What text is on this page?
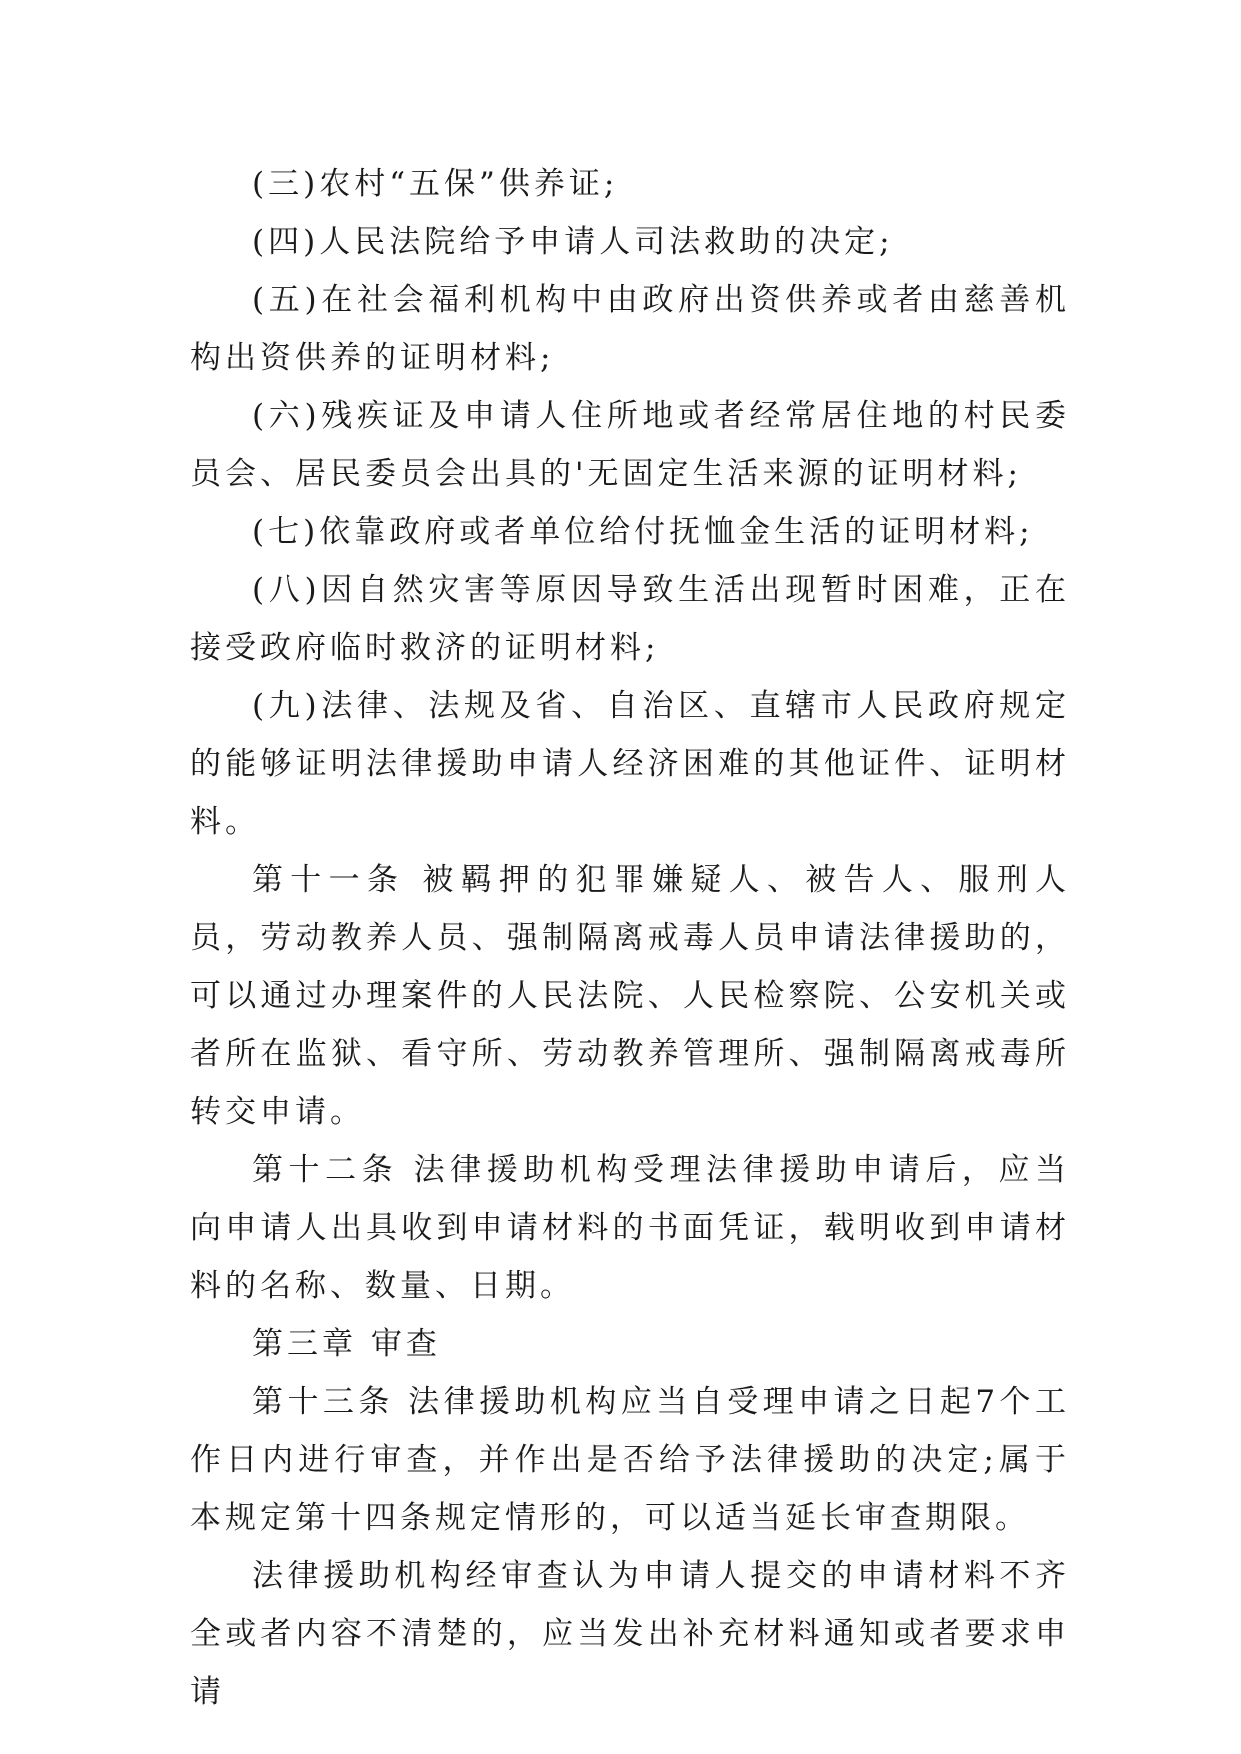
(三)农村“五保”供养证;

(四)人民法院给予申请人司法救助的决定;

(五)在社会福利机构中由政府出资供养或者由慈善机构出资供养的证明材料;

(六)残疾证及申请人住所地或者经常居住地的村民委员会、居民委员会出具的'无固定生活来源的证明材料;

(七)依靠政府或者单位给付抚恤金生活的证明材料;

(八)因自然灾害等原因导致生活出现暂时困难，正在接受政府临时救济的证明材料;

(九)法律、法规及省、自治区、直辖市人民政府规定的能够证明法律援助申请人经济困难的其他证件、证明材料。

第十一条 被羁押的犯罪嫌疑人、被告人、服刑人员，劳动教养人员、强制隔离戒毒人员申请法律援助的，可以通过办理案件的人民法院、人民检察院、公安机关或者所在监狱、看守所、劳动教养管理所、强制隔离戒毒所转交申请。

第十二条 法律援助机构受理法律援助申请后，应当向申请人出具收到申请材料的书面凭证，载明收到申请材料的名称、数量、日期。

第三章 审查

第十三条 法律援助机构应当自受理申请之日起7个工作日内进行审查，并作出是否给予法律援助的决定;属于本规定第十四条规定情形的，可以适当延长审查期限。

法律援助机构经审查认为申请人提交的申请材料不齐全或者内容不清楚的，应当发出补充材料通知或者要求申请
